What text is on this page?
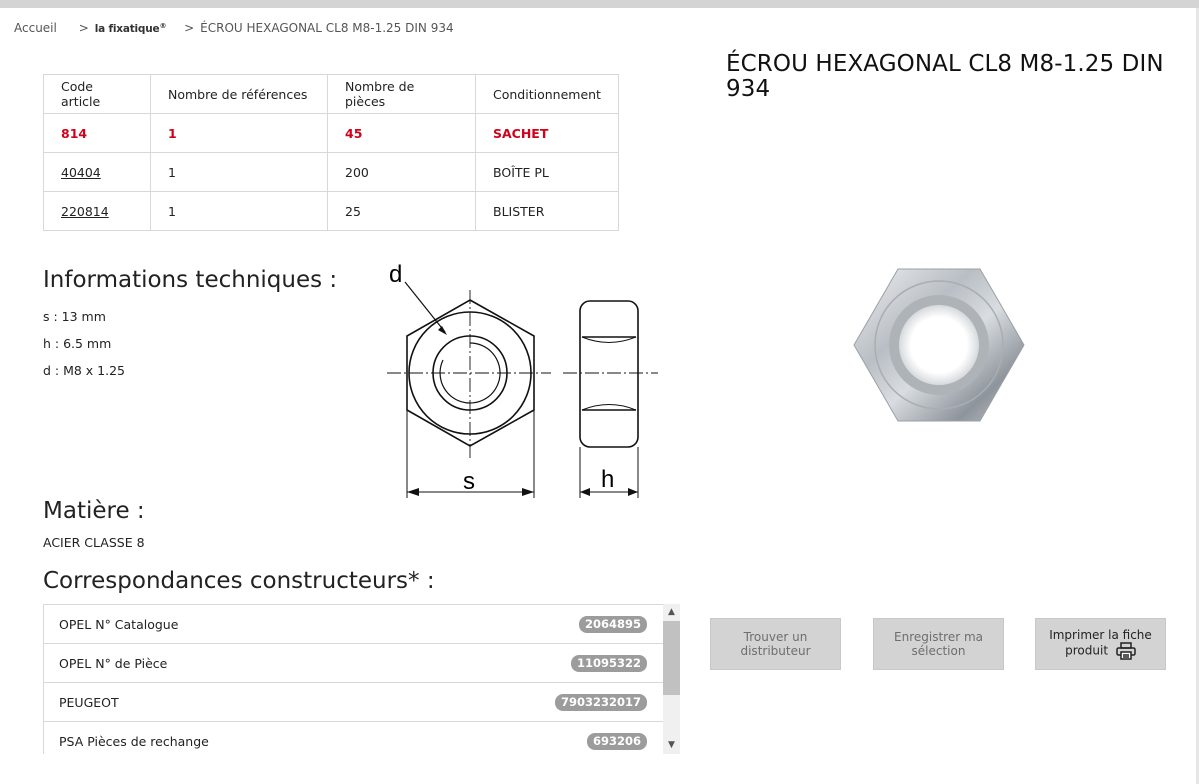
Accueil > la fixatique® > ÉCROU HEXAGONAL CL8 M8-1.25 DIN 934
Code article	Nombre de références	Nombre de pièces	Conditionnement
814	1	45	SACHET
40404	1	200	BOÎTE PL
220814	1	25	BLISTER
ÉCROU HEXAGONAL CL8 M8-1.25 DIN 934
Informations techniques :
s : 13 mm
h : 6.5 mm
d : M8 x 1.25
d
s	h
Matière :
ACIER CLASSE 8
Correspondances constructeurs* :
OPEL N° Catalogue	2064895
OPEL N° de Pièce	11095322
PEUGEOT	7903232017
PSA Pièces de rechange	693206
▲
▼
Trouver un distributeur
Enregistrer ma sélection
Imprimer la fiche produit
